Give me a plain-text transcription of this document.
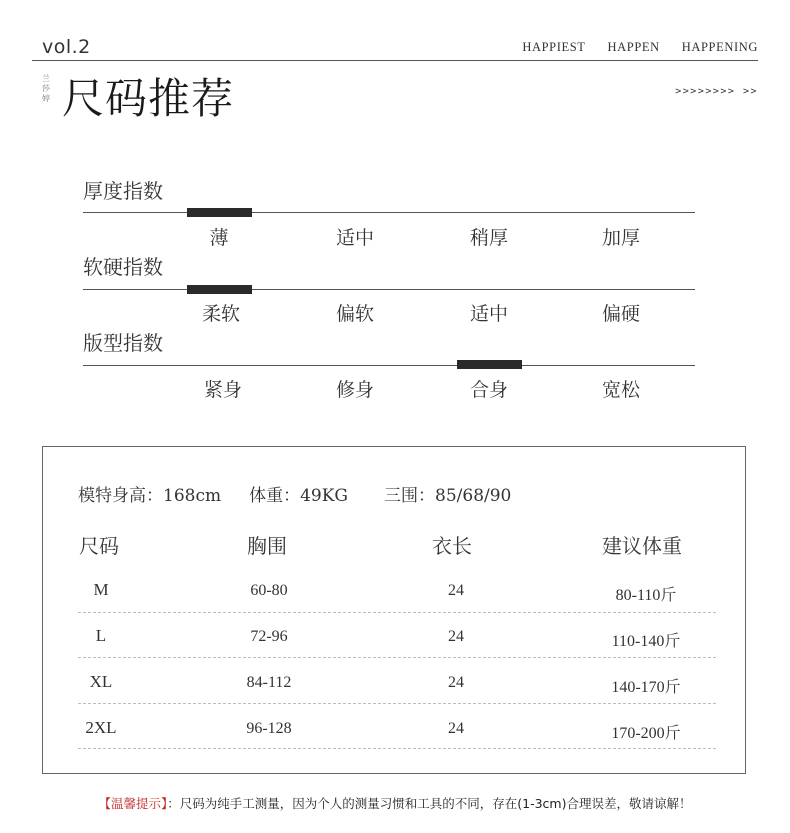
vol.2	HAPPIEST HAPPEN HAPPENING
兰
莎
婷 尺码推荐	>>>>>>>> >>
厚度指数
薄	适中	稍厚	加厚
软硬指数
柔软	偏软	适中	偏硬
版型指数
紧身	修身	合身	宽松
模特身高：168cm 体重：49KG 三围：85/68/90
尺码	胸围	衣长	建议体重
M	60-80	24	80-110斤
L	72-96	24	110-140斤
XL	84-112	24	140-170斤
2XL	96-128	24	170-200斤
【温馨提示】：尺码为纯手工测量，因为个人的测量习惯和工具的不同，存在(1-3cm)合理误差，敬请谅解！
